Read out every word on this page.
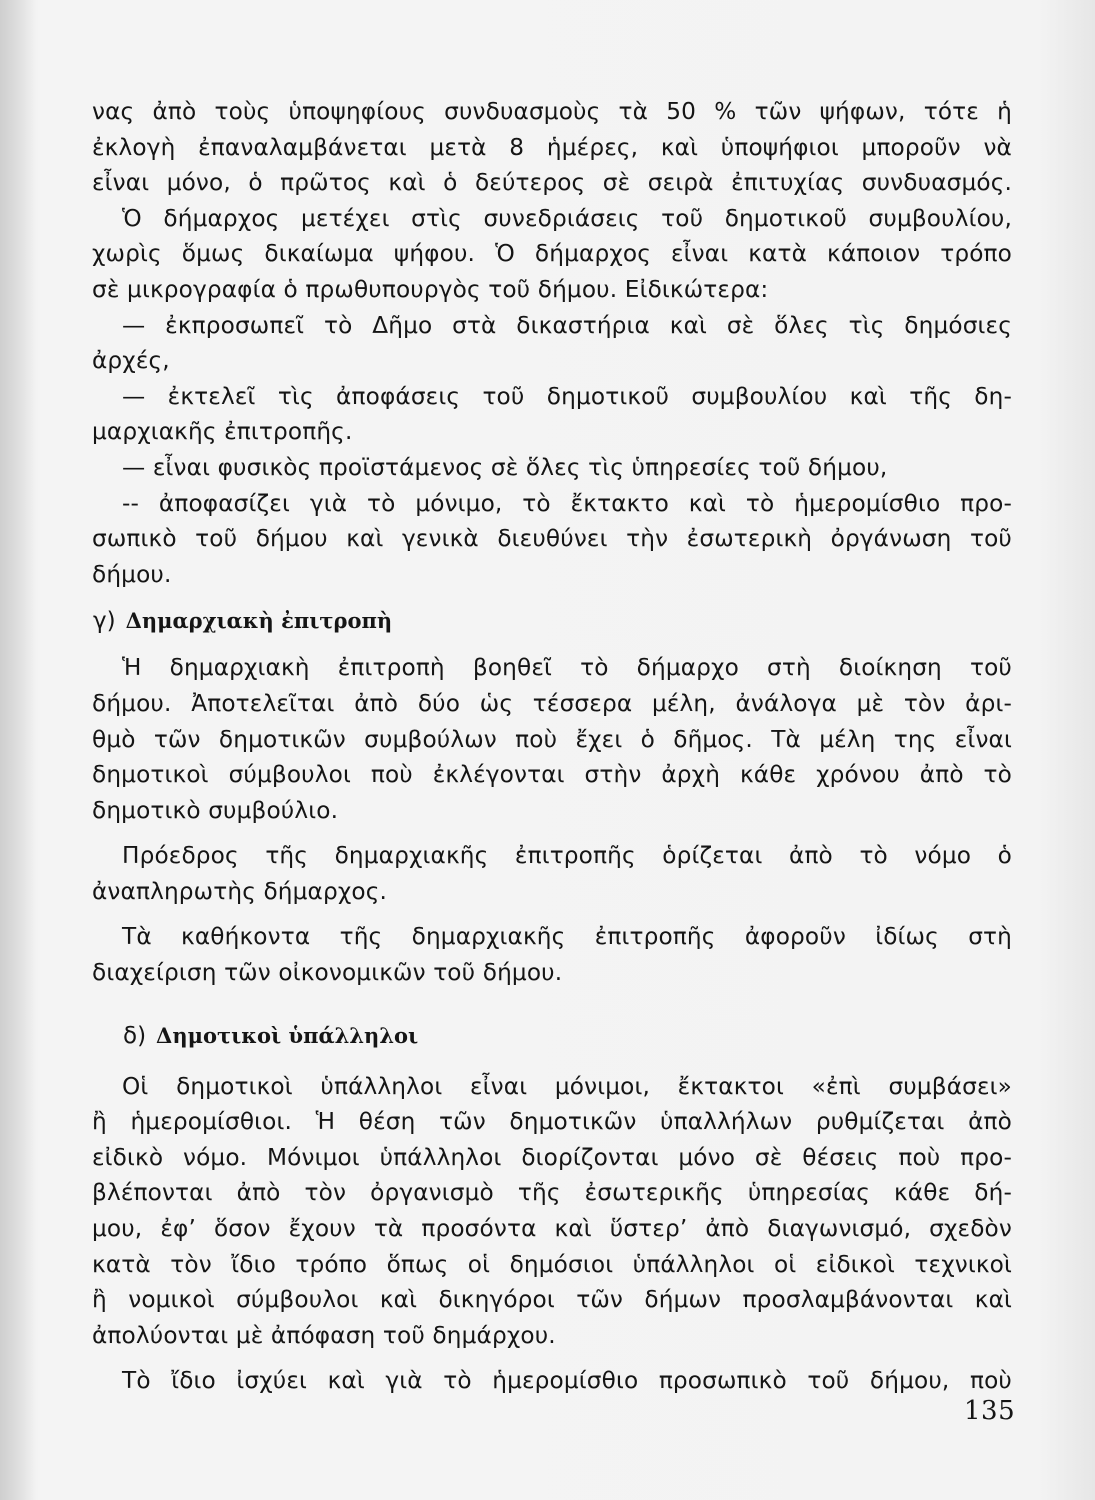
νας ἀπὸ τοὺς ὑποψηφίους συνδυασμοὺς τὰ 50 % τῶν ψήφων, τότε ἡ
ἐκλογὴ ἐπαναλαμβάνεται μετὰ 8 ἡμέρες, καὶ ὑποψήφιοι μποροῦν νὰ
εἶναι μόνο, ὁ πρῶτος καὶ ὁ δεύτερος σὲ σειρὰ ἐπιτυχίας συνδυασμός.
Ὁ δήμαρχος μετέχει στὶς συνεδριάσεις τοῦ δημοτικοῦ συμβουλίου,
χωρὶς ὅμως δικαίωμα ψήφου. Ὁ δήμαρχος εἶναι κατὰ κάποιον τρόπο
σὲ μικρογραφία ὁ πρωθυπουργὸς τοῦ δήμου. Εἰδικώτερα:
— ἐκπροσωπεῖ τὸ Δῆμο στὰ δικαστήρια καὶ σὲ ὅλες τὶς δημόσιες
ἀρχές,
— ἐκτελεῖ τὶς ἀποφάσεις τοῦ δημοτικοῦ συμβουλίου καὶ τῆς δη-
μαρχιακῆς ἐπιτροπῆς.
— εἶναι φυσικὸς προϊστάμενος σὲ ὅλες τὶς ὑπηρεσίες τοῦ δήμου,
-- ἀποφασίζει γιὰ τὸ μόνιμο, τὸ ἔκτακτο καὶ τὸ ἡμερομίσθιο προ-
σωπικὸ τοῦ δήμου καὶ γενικὰ διευθύνει τὴν ἐσωτερικὴ ὀργάνωση τοῦ
δήμου.
γ) Δημαρχιακὴ ἐπιτροπὴ
Ἡ δημαρχιακὴ ἐπιτροπὴ βοηθεῖ τὸ δήμαρχο στὴ διοίκηση τοῦ
δήμου. Ἀποτελεῖται ἀπὸ δύο ὡς τέσσερα μέλη, ἀνάλογα μὲ τὸν ἀρι-
θμὸ τῶν δημοτικῶν συμβούλων ποὺ ἔχει ὁ δῆμος. Τὰ μέλη της εἶναι
δημοτικοὶ σύμβουλοι ποὺ ἐκλέγονται στὴν ἀρχὴ κάθε χρόνου ἀπὸ τὸ
δημοτικὸ συμβούλιο.
Πρόεδρος τῆς δημαρχιακῆς ἐπιτροπῆς ὁρίζεται ἀπὸ τὸ νόμο ὁ
ἀναπληρωτὴς δήμαρχος.
Τὰ καθήκοντα τῆς δημαρχιακῆς ἐπιτροπῆς ἀφοροῦν ἰδίως στὴ
διαχείριση τῶν οἰκονομικῶν τοῦ δήμου.
δ) Δημοτικοὶ ὑπάλληλοι
Οἱ δημοτικοὶ ὑπάλληλοι εἶναι μόνιμοι, ἔκτακτοι «ἐπὶ συμβάσει»
ἢ ἡμερομίσθιοι. Ἡ θέση τῶν δημοτικῶν ὑπαλλήλων ρυθμίζεται ἀπὸ
εἰδικὸ νόμο. Μόνιμοι ὑπάλληλοι διορίζονται μόνο σὲ θέσεις ποὺ προ-
βλέπονται ἀπὸ τὸν ὀργανισμὸ τῆς ἐσωτερικῆς ὑπηρεσίας κάθε δή-
μου, ἐφ’ ὅσον ἔχουν τὰ προσόντα καὶ ὕστερ’ ἀπὸ διαγωνισμό, σχεδὸν
κατὰ τὸν ἴδιο τρόπο ὅπως οἱ δημόσιοι ὑπάλληλοι οἱ εἰδικοὶ τεχνικοὶ
ἢ νομικοὶ σύμβουλοι καὶ δικηγόροι τῶν δήμων προσλαμβάνονται καὶ
ἀπολύονται μὲ ἀπόφαση τοῦ δημάρχου.
Τὸ ἴδιο ἰσχύει καὶ γιὰ τὸ ἡμερομίσθιο προσωπικὸ τοῦ δήμου, ποὺ
135
